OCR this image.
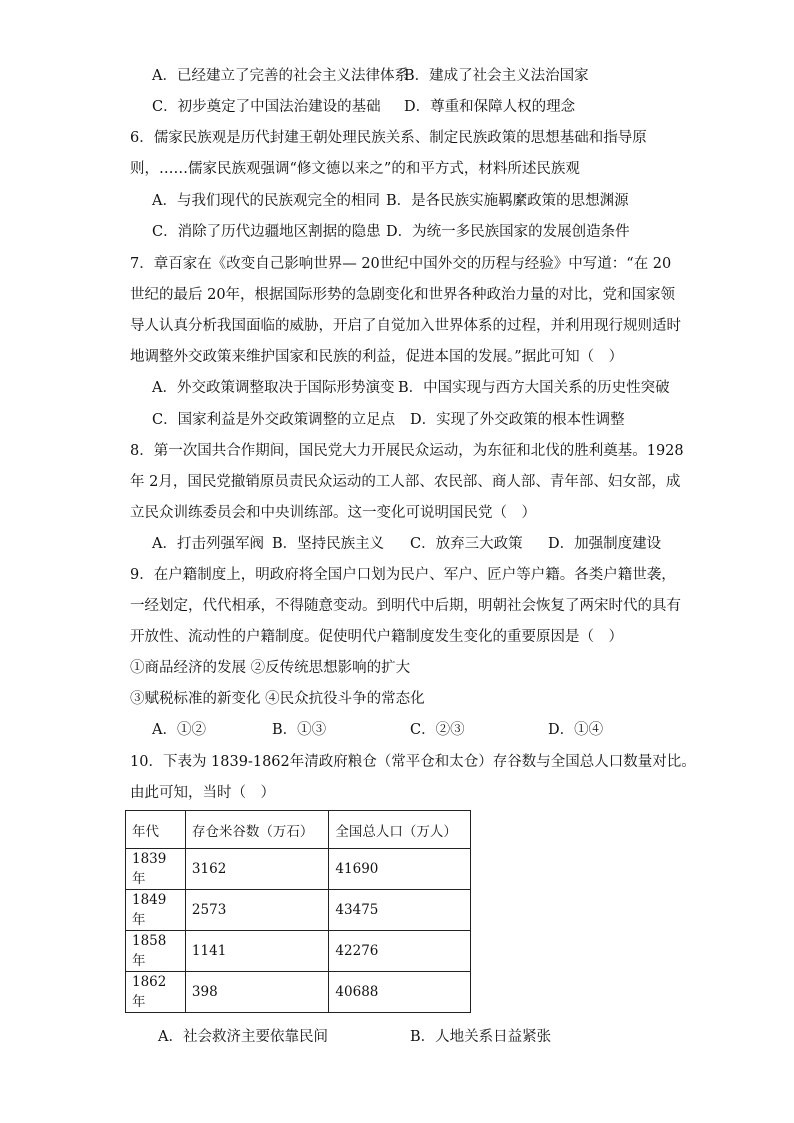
A．已经建立了完善的社会主义法律体系
B．建成了社会主义法治国家
C．初步奠定了中国法治建设的基础 D．尊重和保障人权的理念
6．儒家民族观是历代封建王朝处理民族关系、制定民族政策的思想基础和指导原
则，……儒家民族观强调“修文德以来之”的和平方式，材料所述民族观
A．与我们现代的民族观完全的相同 B．是各民族实施羁縻政策的思想渊源
C．消除了历代边疆地区割据的隐患 D．为统一多民族国家的发展创造条件
7．章百家在《改变自己影响世界— 20世纪中国外交的历程与经验》中写道：“在 20
世纪的最后 20年，根据国际形势的急剧变化和世界各种政治力量的对比，党和国家领
导人认真分析我国面临的威胁，开启了自觉加入世界体系的过程，并利用现行规则适时
地调整外交政策来维护国家和民族的利益，促进本国的发展。”据此可知（　）
A．外交政策调整取决于国际形势演变 B．中国实现与西方大国关系的历史性突破
C．国家利益是外交政策调整的立足点 D．实现了外交政策的根本性调整
8．第一次国共合作期间，国民党大力开展民众运动，为东征和北伐的胜利奠基。1928
年 2月，国民党撤销原员责民众运动的工人部、农民部、商人部、青年部、妇女部，成
立民众训练委员会和中央训练部。这一变化可说明国民党（　）
A．打击列强军阀 B．坚持民族主义 C．放弃三大政策 D．加强制度建设
9．在户籍制度上，明政府将全国户口划为民户、军户、匠户等户籍。各类户籍世袭，
一经划定，代代相承，不得随意变动。到明代中后期，明朝社会恢复了两宋时代的具有
开放性、流动性的户籍制度。促使明代户籍制度发生变化的重要原因是（　）
①商品经济的发展 ②反传统思想影响的扩大
③赋税标准的新变化 ④民众抗役斗争的常态化
A．①②	B．①③	C．②③	D．①④
10．下表为 1839-1862年清政府粮仓（常平仓和太仓）存谷数与全国总人口数量对比。
由此可知，当时（　）
年代	存仓米谷数（万石）	全国总人口（万人）
1839年	3162	41690
1849年	2573	43475
1858年	1141	42276
1862年	398	40688
A．社会救济主要依靠民间	B．人地关系日益紧张
